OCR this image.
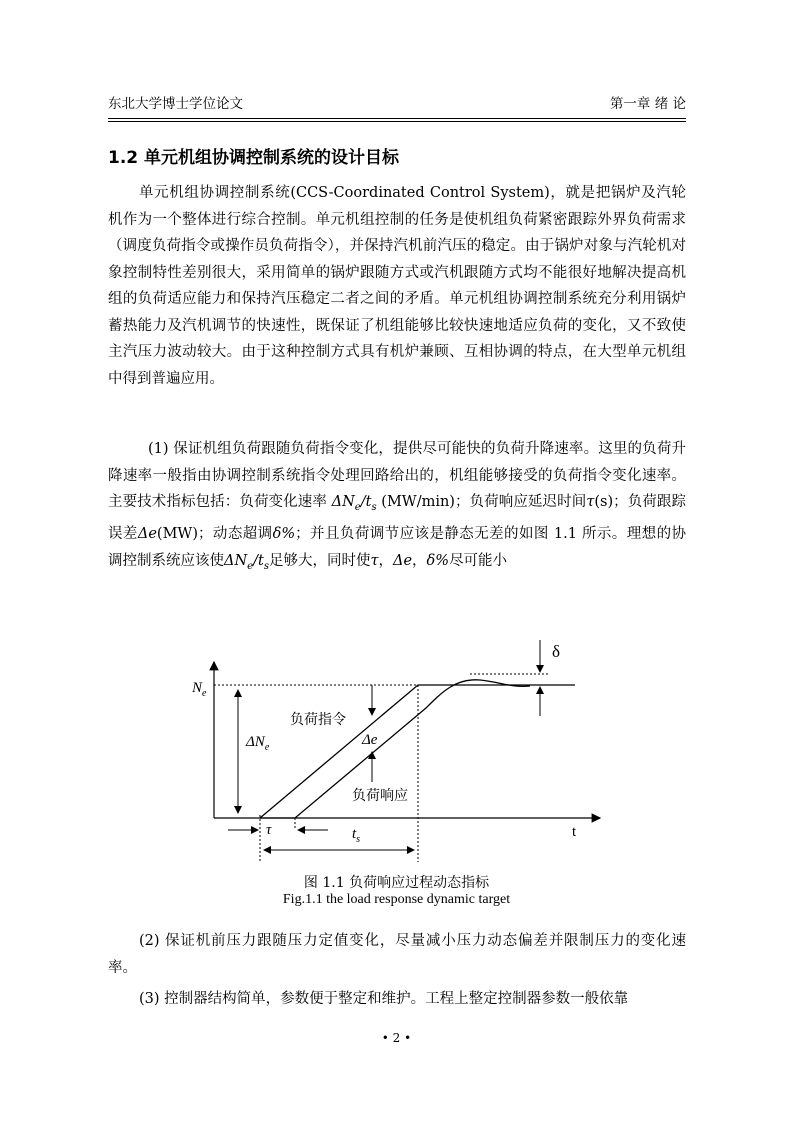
东北大学博士学位论文	第一章 绪 论
1.2 单元机组协调控制系统的设计目标

单元机组协调控制系统(CCS-Coordinated Control System)，就是把锅炉及汽轮机作为一个整体进行综合控制。单元机组控制的任务是使机组负荷紧密跟踪外界负荷需求（调度负荷指令或操作员负荷指令），并保持汽机前汽压的稳定。由于锅炉对象与汽轮机对象控制特性差别很大，采用简单的锅炉跟随方式或汽机跟随方式均不能很好地解决提高机组的负荷适应能力和保持汽压稳定二者之间的矛盾。单元机组协调控制系统充分利用锅炉蓄热能力及汽机调节的快速性，既保证了机组能够比较快速地适应负荷的变化，又不致使主汽压力波动较大。由于这种控制方式具有机炉兼顾、互相协调的特点，在大型单元机组中得到普遍应用。

(1) 保证机组负荷跟随负荷指令变化，提供尽可能快的负荷升降速率。这里的负荷升降速率一般指由协调控制系统指令处理回路给出的，机组能够接受的负荷指令变化速率。主要技术指标包括：负荷变化速率 $\Delta N_e/t_s$ (MW/min)；负荷响应延迟时间τ(s)；负荷跟踪误差Δe(MW)；动态超调δ%；并且负荷调节应该是静态无差的如图 1.1 所示。理想的协调控制系统应该使$\Delta N_e/t_s$足够大，同时使τ，Δe，δ%尽可能小

δ
$N_e$
负荷指令
$\Delta N_e$	Δe
负荷响应
τ	$t_s$	t
图 1.1 负荷响应过程动态指标
Fig.1.1 the load response dynamic target

(2) 保证机前压力跟随压力定值变化，尽量减小压力动态偏差并限制压力的变化速率。

(3) 控制器结构简单，参数便于整定和维护。工程上整定控制器参数一般依靠

• 2 •
